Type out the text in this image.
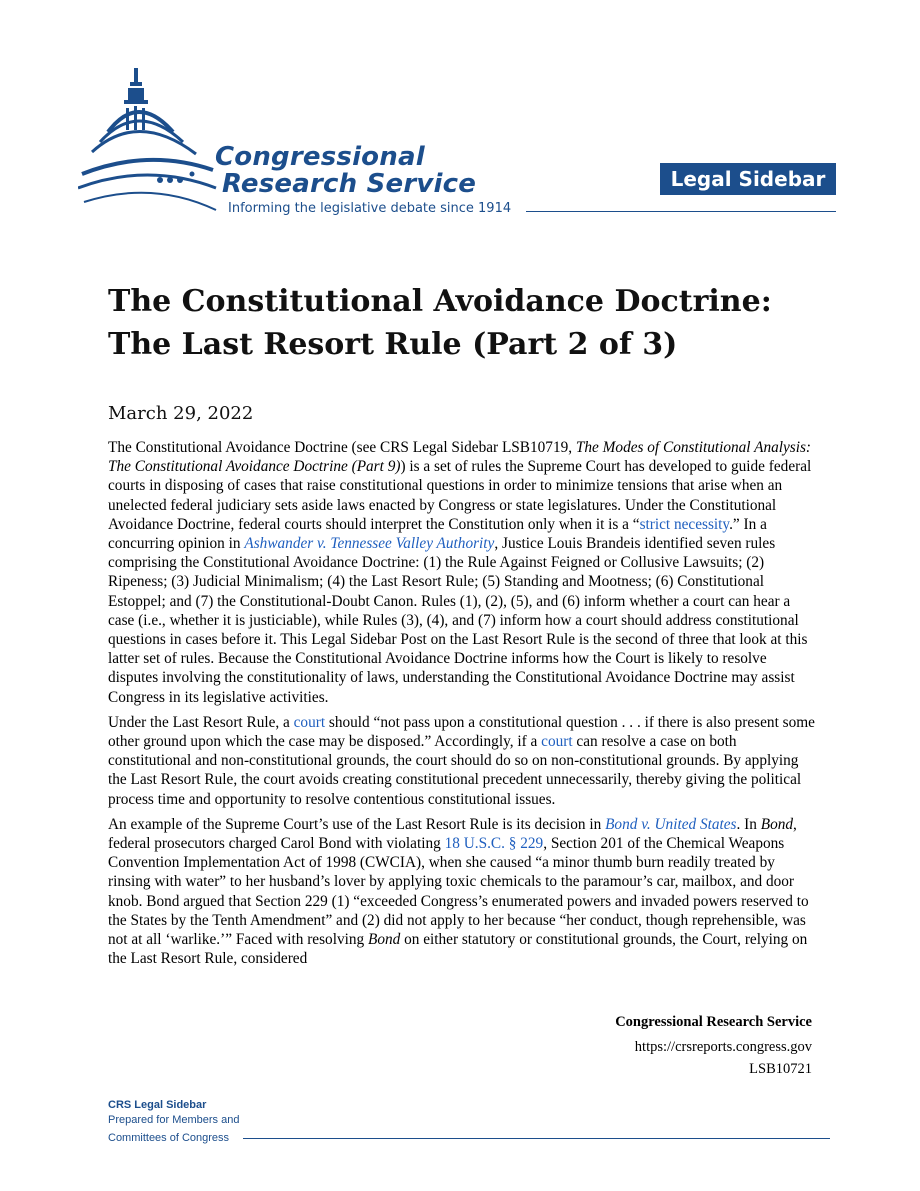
Congressional
Research Service
Informing the legislative debate since 1914
Legal Sidebar
The Constitutional Avoidance Doctrine: The Last Resort Rule (Part 2 of 3)
March 29, 2022

The Constitutional Avoidance Doctrine (see CRS Legal Sidebar LSB10719, The Modes of Constitutional Analysis: The Constitutional Avoidance Doctrine (Part 9)) is a set of rules the Supreme Court has developed to guide federal courts in disposing of cases that raise constitutional questions in order to minimize tensions that arise when an unelected federal judiciary sets aside laws enacted by Congress or state legislatures. Under the Constitutional Avoidance Doctrine, federal courts should interpret the Constitution only when it is a “strict necessity.” In a concurring opinion in Ashwander v. Tennessee Valley Authority, Justice Louis Brandeis identified seven rules comprising the Constitutional Avoidance Doctrine: (1) the Rule Against Feigned or Collusive Lawsuits; (2) Ripeness; (3) Judicial Minimalism; (4) the Last Resort Rule; (5) Standing and Mootness; (6) Constitutional Estoppel; and (7) the Constitutional-Doubt Canon. Rules (1), (2), (5), and (6) inform whether a court can hear a case (i.e., whether it is justiciable), while Rules (3), (4), and (7) inform how a court should address constitutional questions in cases before it. This Legal Sidebar Post on the Last Resort Rule is the second of three that look at this latter set of rules. Because the Constitutional Avoidance Doctrine informs how the Court is likely to resolve disputes involving the constitutionality of laws, understanding the Constitutional Avoidance Doctrine may assist Congress in its legislative activities.

Under the Last Resort Rule, a court should “not pass upon a constitutional question . . . if there is also present some other ground upon which the case may be disposed.” Accordingly, if a court can resolve a case on both constitutional and non-constitutional grounds, the court should do so on non-constitutional grounds. By applying the Last Resort Rule, the court avoids creating constitutional precedent unnecessarily, thereby giving the political process time and opportunity to resolve contentious constitutional issues.

An example of the Supreme Court’s use of the Last Resort Rule is its decision in Bond v. United States. In Bond, federal prosecutors charged Carol Bond with violating 18 U.S.C. § 229, Section 201 of the Chemical Weapons Convention Implementation Act of 1998 (CWCIA), when she caused “a minor thumb burn readily treated by rinsing with water” to her husband’s lover by applying toxic chemicals to the paramour’s car, mailbox, and door knob. Bond argued that Section 229 (1) “exceeded Congress’s enumerated powers and invaded powers reserved to the States by the Tenth Amendment” and (2) did not apply to her because “her conduct, though reprehensible, was not at all ‘warlike.’” Faced with resolving Bond on either statutory or constitutional grounds, the Court, relying on the Last Resort Rule, considered

Congressional Research Service
https://crsreports.congress.gov
LSB10721
CRS Legal Sidebar
Prepared for Members and
Committees of Congress
